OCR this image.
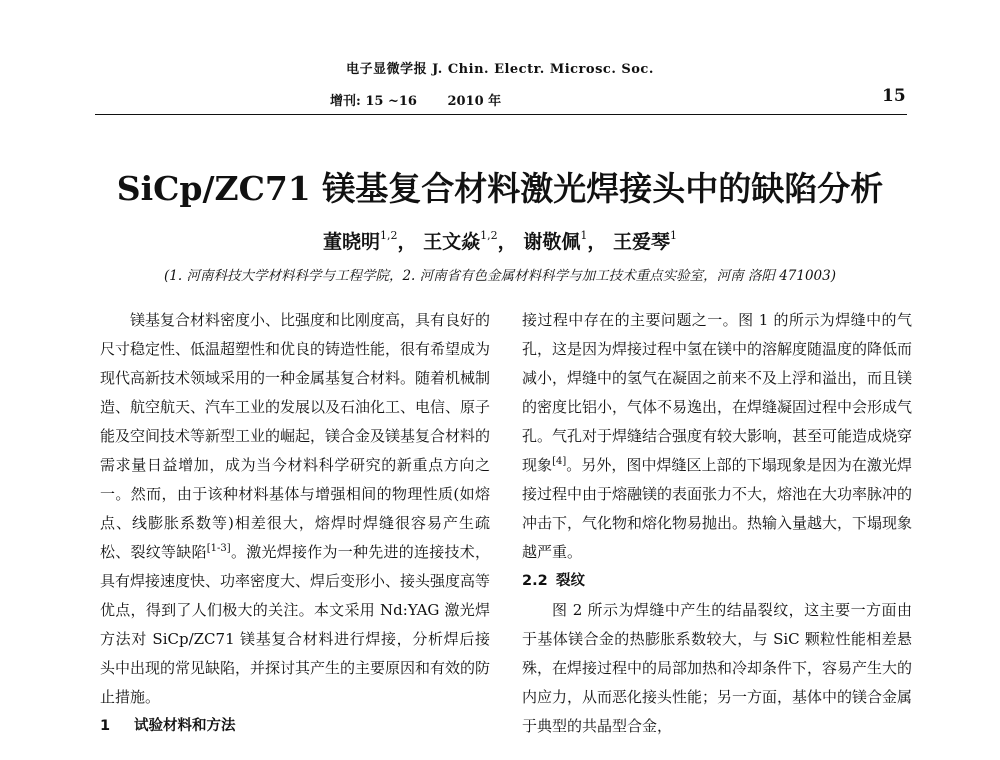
电子显微学报 J. Chin. Electr. Microsc. Soc.
增刊: 15 ~16 2010 年	15
SiCp/ZC71 镁基复合材料激光焊接头中的缺陷分析
董晓明$^{1,2}$， 王文焱$^{1,2}$， 谢敬佩$^1$， 王爱琴$^1$
(1. 河南科技大学材料科学与工程学院，2. 河南省有色金属材料科学与加工技术重点实验室，河南 洛阳 471003)

镁基复合材料密度小、比强度和比刚度高，具有良好的尺寸稳定性、低温超塑性和优良的铸造性能，很有希望成为现代高新技术领域采用的一种金属基复合材料。随着机械制造、航空航天、汽车工业的发展以及石油化工、电信、原子能及空间技术等新型工业的崛起，镁合金及镁基复合材料的需求量日益增加，成为当今材料科学研究的新重点方向之一。然而，由于该种材料基体与增强相间的物理性质(如熔点、线膨胀系数等)相差很大，熔焊时焊缝很容易产生疏松、裂纹等缺陷[1-3]。激光焊接作为一种先进的连接技术，具有焊接速度快、功率密度大、焊后变形小、接头强度高等优点，得到了人们极大的关注。本文采用 Nd:YAG 激光焊方法对 SiCp/ZC71 镁基复合材料进行焊接，分析焊后接头中出现的常见缺陷，并探讨其产生的主要原因和有效的防止措施。

1 试验材料和方法

接过程中存在的主要问题之一。图 1 的所示为焊缝中的气孔，这是因为焊接过程中氢在镁中的溶解度随温度的降低而减小，焊缝中的氢气在凝固之前来不及上浮和溢出，而且镁的密度比铝小，气体不易逸出，在焊缝凝固过程中会形成气孔。气孔对于焊缝结合强度有较大影响，甚至可能造成烧穿现象[4]。另外，图中焊缝区上部的下塌现象是因为在激光焊接过程中由于熔融镁的表面张力不大，熔池在大功率脉冲的冲击下，气化物和熔化物易抛出。热输入量越大，下塌现象越严重。

2.2 裂纹

图 2 所示为焊缝中产生的结晶裂纹，这主要一方面由于基体镁合金的热膨胀系数较大，与 SiC 颗粒性能相差悬殊，在焊接过程中的局部加热和冷却条件下，容易产生大的内应力，从而恶化接头性能；另一方面，基体中的镁合金属于典型的共晶型合金，
